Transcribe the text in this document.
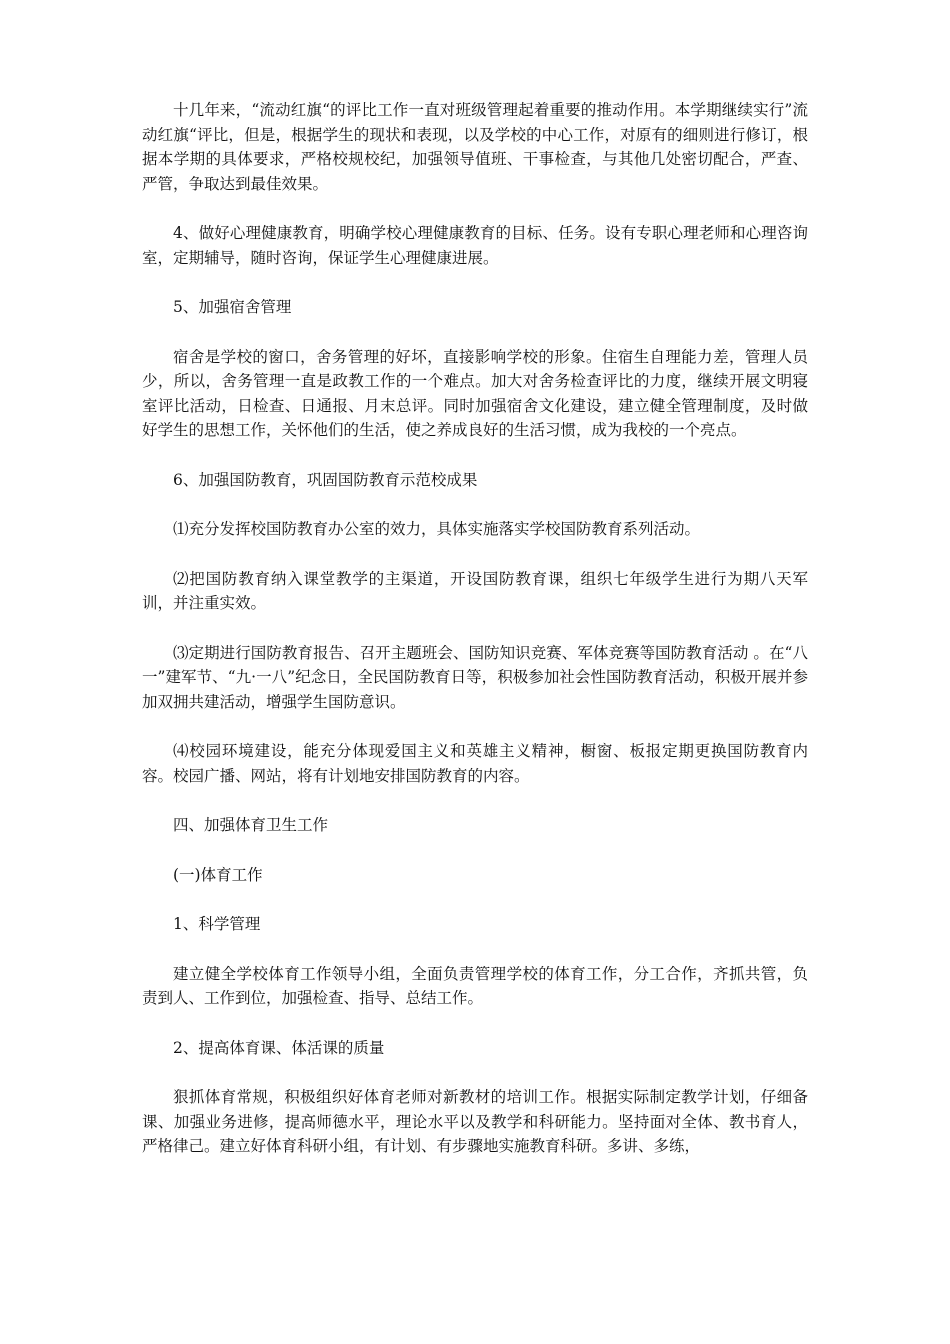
十几年来，“流动红旗“的评比工作一直对班级管理起着重要的推动作用。本学期继续实行”流动红旗“评比，但是，根据学生的现状和表现，以及学校的中心工作，对原有的细则进行修订，根据本学期的具体要求，严格校规校纪，加强领导值班、干事检查，与其他几处密切配合，严查、严管，争取达到最佳效果。

4、做好心理健康教育，明确学校心理健康教育的目标、任务。设有专职心理老师和心理咨询室，定期辅导，随时咨询，保证学生心理健康进展。

5、加强宿舍管理

宿舍是学校的窗口，舍务管理的好坏，直接影响学校的形象。住宿生自理能力差，管理人员少，所以，舍务管理一直是政教工作的一个难点。加大对舍务检查评比的力度，继续开展文明寝室评比活动，日检查、日通报、月末总评。同时加强宿舍文化建设，建立健全管理制度，及时做好学生的思想工作，关怀他们的生活，使之养成良好的生活习惯，成为我校的一个亮点。

6、加强国防教育，巩固国防教育示范校成果

⑴充分发挥校国防教育办公室的效力，具体实施落实学校国防教育系列活动。

⑵把国防教育纳入课堂教学的主渠道，开设国防教育课，组织七年级学生进行为期八天军训，并注重实效。

⑶定期进行国防教育报告、召开主题班会、国防知识竞赛、军体竞赛等国防教育活动 。在“八一”建军节、“九·一八”纪念日，全民国防教育日等，积极参加社会性国防教育活动，积极开展并参加双拥共建活动，增强学生国防意识。

⑷校园环境建设，能充分体现爱国主义和英雄主义精神，橱窗、板报定期更换国防教育内容。校园广播、网站，将有计划地安排国防教育的内容。

四、加强体育卫生工作

(一)体育工作

1、科学管理

建立健全学校体育工作领导小组，全面负责管理学校的体育工作，分工合作，齐抓共管，负责到人、工作到位，加强检查、指导、总结工作。

2、提高体育课、体活课的质量

狠抓体育常规，积极组织好体育老师对新教材的培训工作。根据实际制定教学计划，仔细备课、加强业务进修，提高师德水平，理论水平以及教学和科研能力。坚持面对全体、教书育人，严格律己。建立好体育科研小组，有计划、有步骤地实施教育科研。多讲、多练，
